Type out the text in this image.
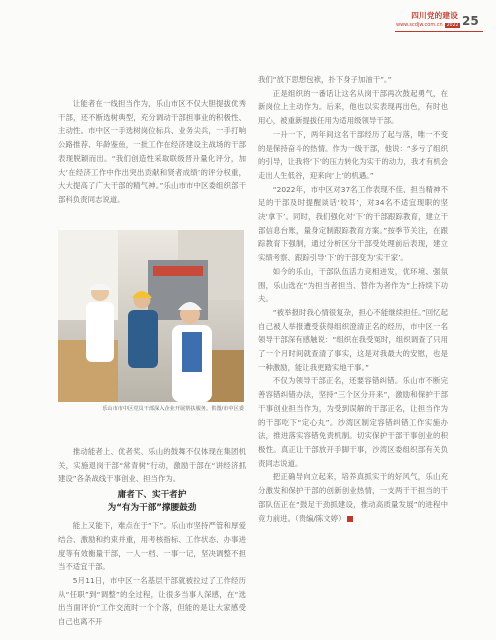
四川党的建设
www.scdjw.com.cn 2022 25

让能者在一线担当作为，乐山市区不仅大胆提拔优秀干部，还不断选树典型，充分调动干部担事业的积极性、主动性。市中区一手选树岗位标兵、业务尖兵，一手打响公路推荐、年龄鉴鱼，一批工作在经济建设主战场的干部表现脱颖而出。“我们创造性采取联级晋升量化评分，加大‘在经济工作中作出突出贡献和贤者成绩’的评分权重，大大提高了广大干部的精气神。”乐山市市中区委组织部干部科负责同志说道。

乐山市市中区党员干部深入企业开展帮扶服务。供图/市中区委

推动能者上、优者奖、乐山的鼓舞不仅体现在集团机关，实施退岗干部“常青树”行动，激励干部在“讲经济抓建设”各条战线干事创业、担当作为。

庸者下、实干者护
为“有为干部”撑腰鼓劲

能上又能下，难点在于“下”。乐山市坚持严管和厚爱结合、激励和约束并重，用考核指标、工作状态、办事进度等有效衡量干部，一人一档、一事一记，坚决调整不担当不适宜干部。

5月11日，市中区一名基层干部就被拉过了工作经历从“任职”到“调整”的全过程，让很多当事人深感，在“选出当面评价”工作交流时一个个落，但能的是让大家感受自己也离不开

我们“放下思想包袱，扑下身子加油干”。”

正是组织的一番话让这名从岗干部再次鼓起勇气，在新岗位上主动作为。后来，他也以实表现再出色，有时也用心，被重新提拔任用为适用级领导干部。

一升一下，两年间这名干部经历了起与落，唯一不变的是保持奋斗的热情。作为一级干部，他说：“多亏了组织的引导，让我将‘下’的压力转化为实干的动力，我才有机会走出人生低谷，迎来向‘上’的机遇。”

“2022年，市中区对37名工作表现不佳、担当精神不足的干部及时提醒谈话‘咬耳’，对34名不适宜现职的坚决‘拿下’。同时，我们强化对‘下’的干部跟踪教育，建立干部信息台账，量身定制跟踪教育方案。”按季节关注，在跟踪教育下强制，通过分析区分干部受处理前后表现，建立实绩考察、跟踪引导‘下’的干部变为‘实干家’。

如今的乐山，干部队伍活力竞相迸发，优环境、强氛围，乐山选在“为担当者担当、替作为者作为”上持续下功夫。

“被举报时我心情很复杂，担心不能继续担任。”回忆起自己被人举报遭受获得组织澄清正名的经历，市中区一名领导干部深有感触说：“组织在我受冤时，组织调查了只用了一个月时间就查清了事实，这是对我最大的安慰，也是一种激励，能让我更踏实地干事。”

不仅为领导干部正名，还要容错纠错。乐山市不断完善容错纠错办法，坚持“三个区分开来”，激励和保护干部干事创业担当作为，为受到误解的干部正名，让担当作为的干部吃下“定心丸”。沙湾区制定容错纠错工作实施办法，推进落实容错免责机制。切实保护干部干事创业的积极性。真正让干部放开手脚干事，沙湾区委组织部有关负责同志说道。

把正确导向立起来，培养真抓实干的好风气，乐山充分激发和保护干部的创新创业热情，一支两干干担当的干部队伍正在“鼓足干劲抓建设，推动高质量发展”的进程中竞力前进。（贵编/陈文婷）
